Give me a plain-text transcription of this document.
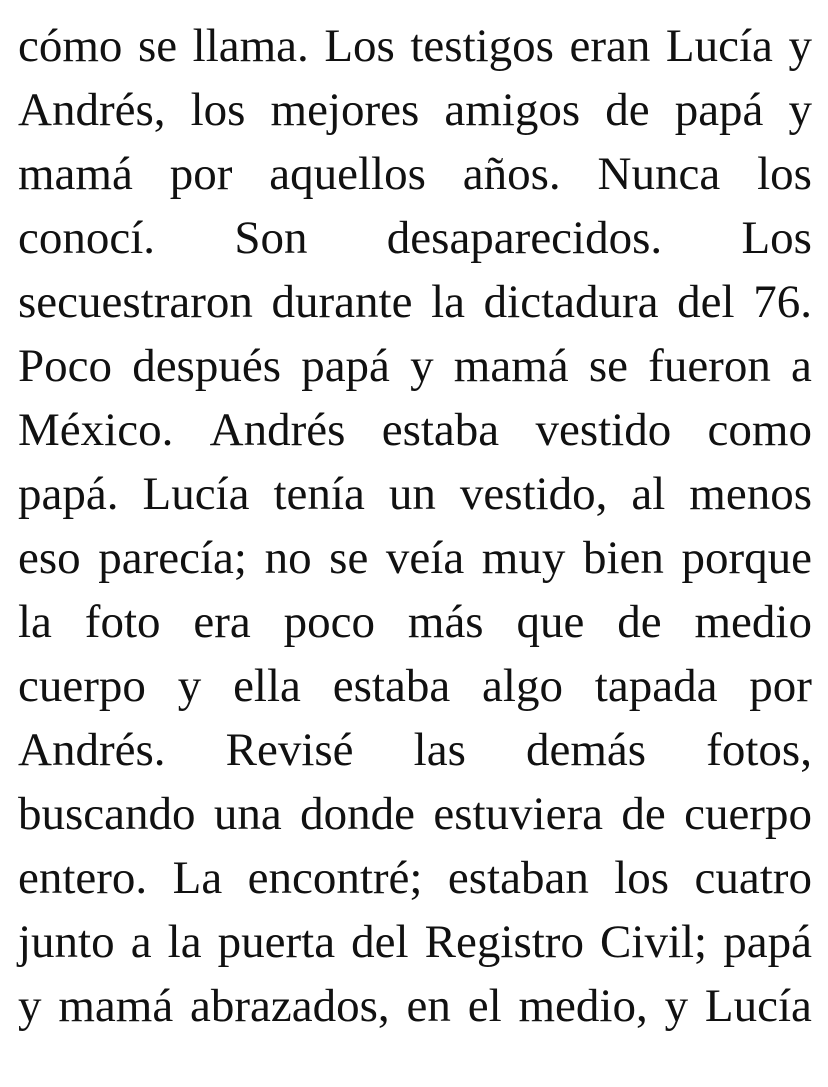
cómo se llama. Los testigos eran Lucía y
Andrés, los mejores amigos de papá y
mamá por aquellos años. Nunca los
conocí. Son desaparecidos. Los
secuestraron durante la dictadura del 76.
Poco después papá y mamá se fueron a
México. Andrés estaba vestido como
papá. Lucía tenía un vestido, al menos
eso parecía; no se veía muy bien porque
la foto era poco más que de medio
cuerpo y ella estaba algo tapada por
Andrés. Revisé las demás fotos,
buscando una donde estuviera de cuerpo
entero. La encontré; estaban los cuatro
junto a la puerta del Registro Civil; papá
y mamá abrazados, en el medio, y Lucía
